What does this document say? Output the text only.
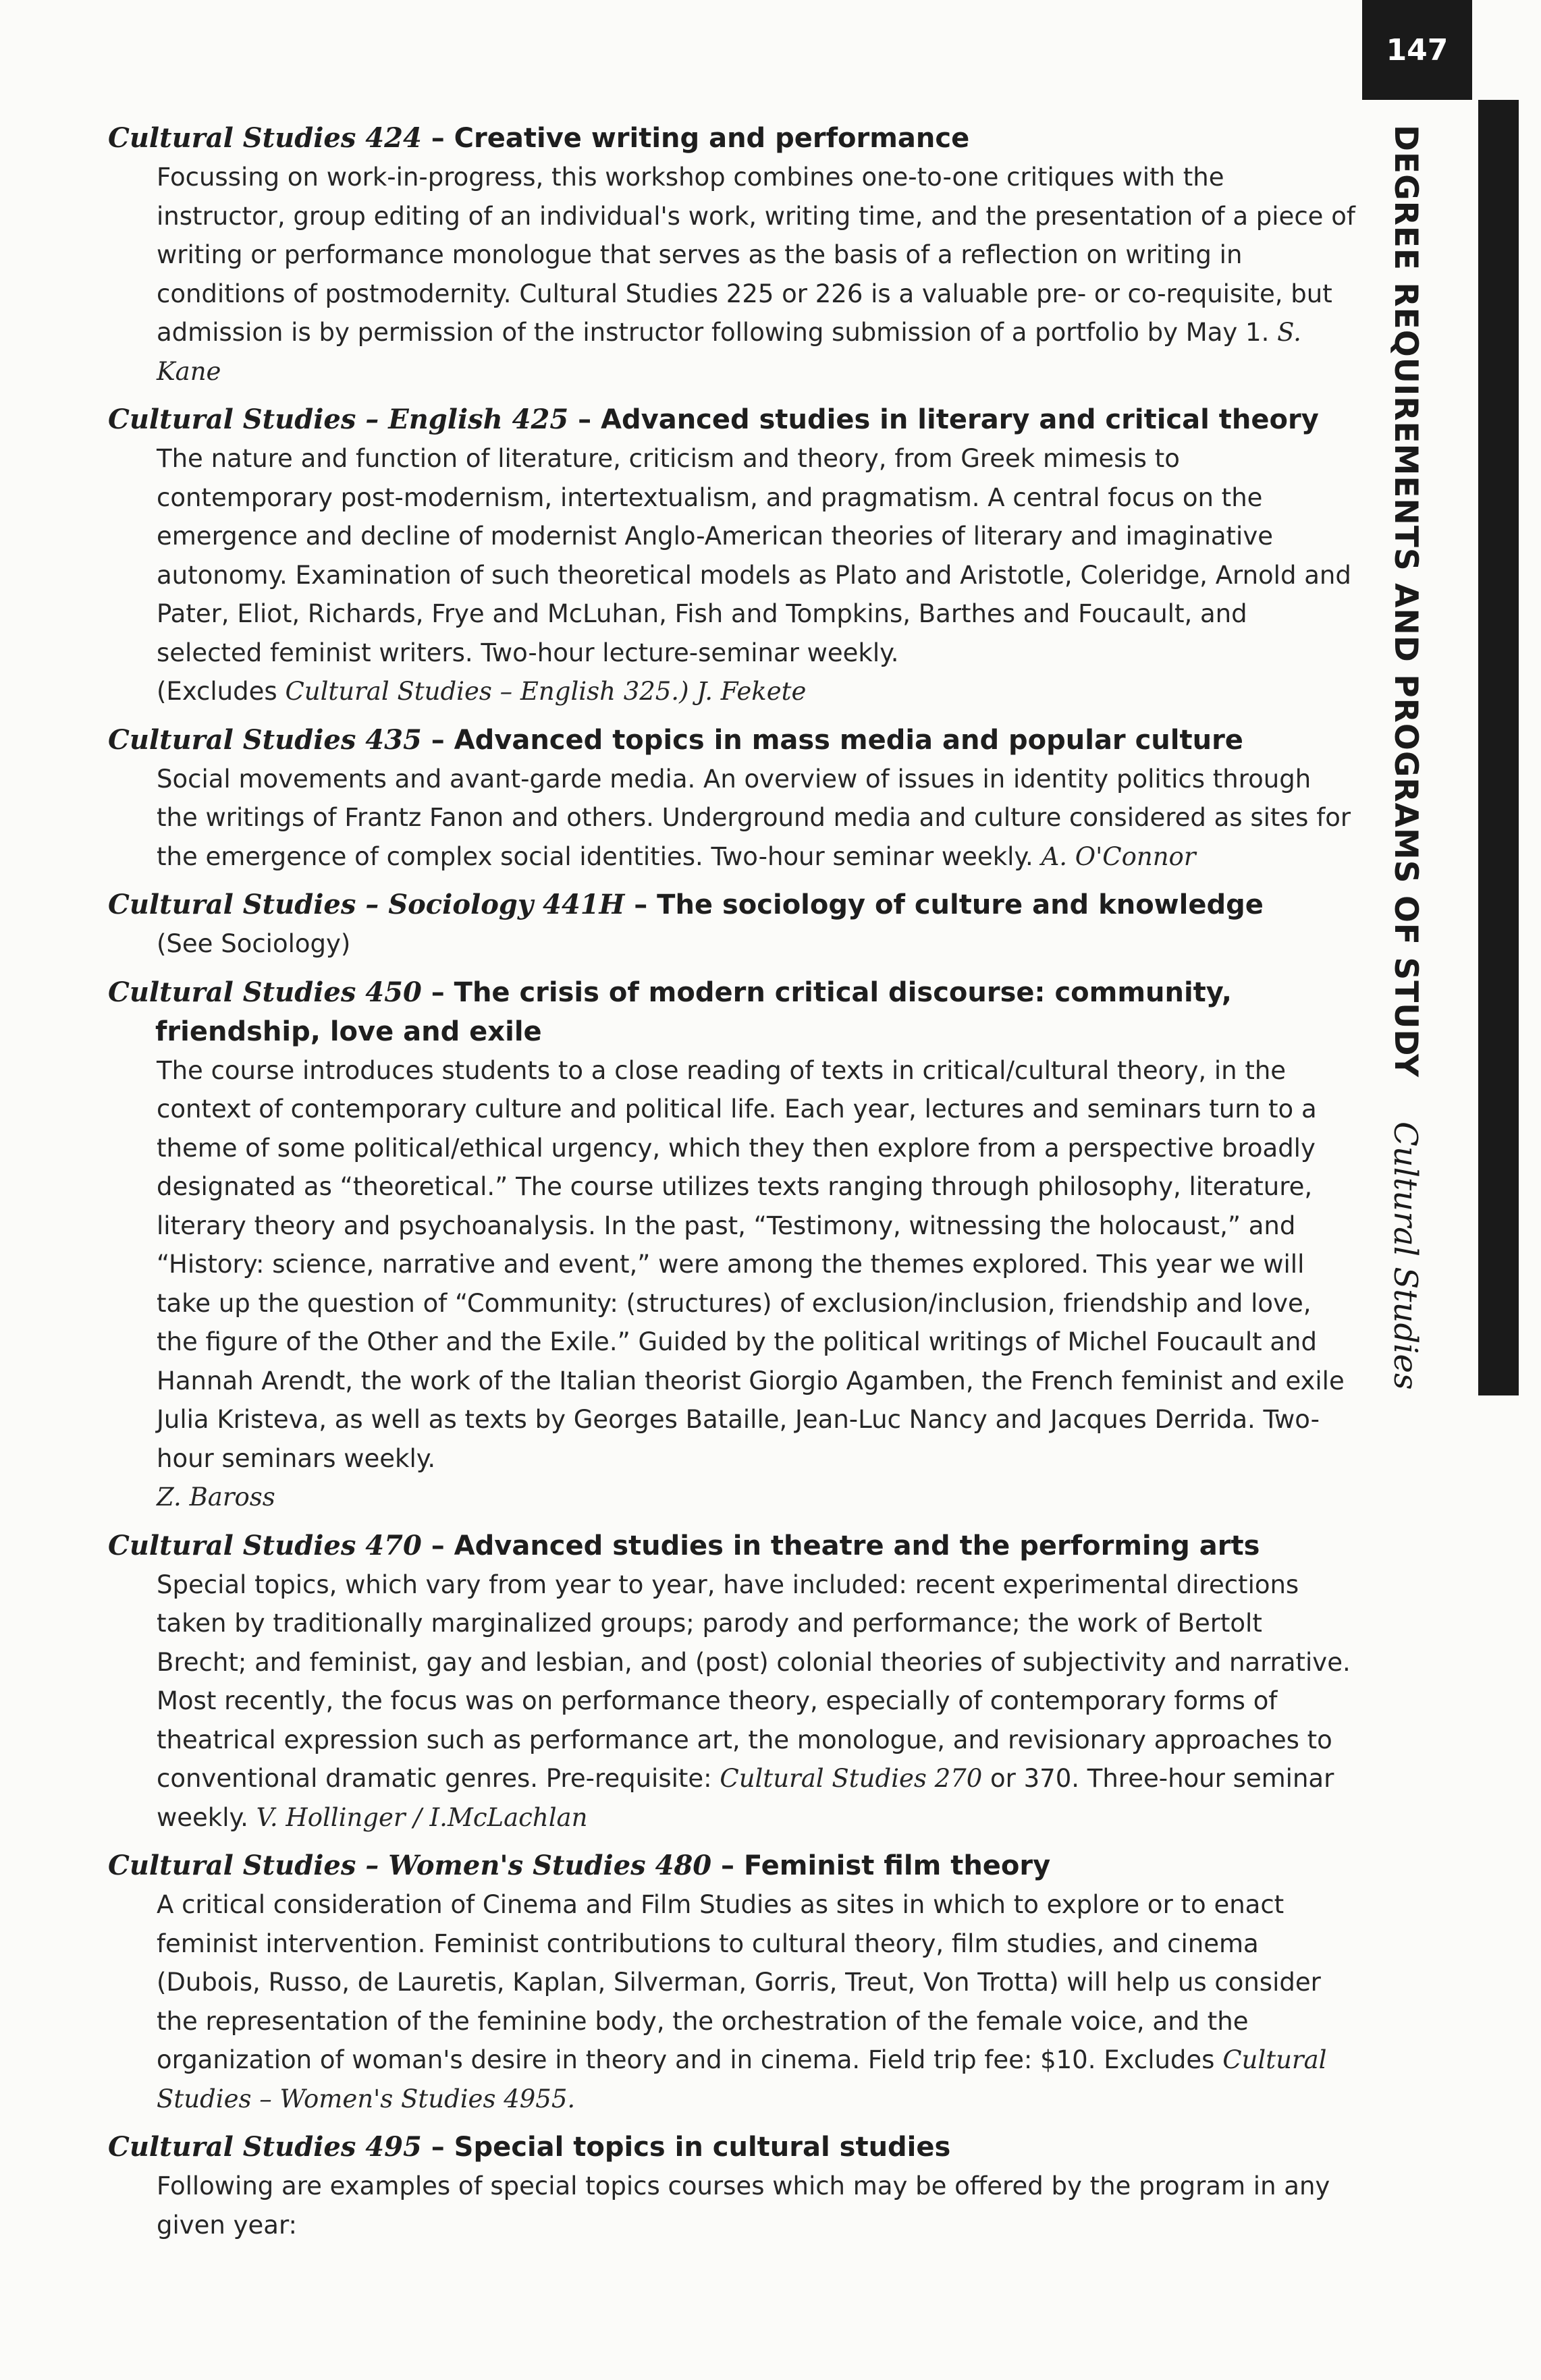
147
DEGREE REQUIREMENTS AND PROGRAMS OF STUDY Cultural Studies
Cultural Studies 424 – Creative writing and performance
Focussing on work-in-progress, this workshop combines one-to-one critiques with the instructor, group editing of an individual's work, writing time, and the presentation of a piece of writing or performance monologue that serves as the basis of a reflection on writing in conditions of postmodernity. Cultural Studies 225 or 226 is a valuable pre- or co-requisite, but admission is by permission of the instructor following submission of a portfolio by May 1. S. Kane
Cultural Studies – English 425 – Advanced studies in literary and critical theory
The nature and function of literature, criticism and theory, from Greek mimesis to contemporary post-modernism, intertextualism, and pragmatism. A central focus on the emergence and decline of modernist Anglo-American theories of literary and imaginative autonomy. Examination of such theoretical models as Plato and Aristotle, Coleridge, Arnold and Pater, Eliot, Richards, Frye and McLuhan, Fish and Tompkins, Barthes and Foucault, and selected feminist writers. Two-hour lecture-seminar weekly.
(Excludes Cultural Studies – English 325.) J. Fekete
Cultural Studies 435 – Advanced topics in mass media and popular culture
Social movements and avant-garde media. An overview of issues in identity politics through the writings of Frantz Fanon and others. Underground media and culture considered as sites for the emergence of complex social identities. Two-hour seminar weekly. A. O'Connor
Cultural Studies – Sociology 441H – The sociology of culture and knowledge
(See Sociology)
Cultural Studies 450 – The crisis of modern critical discourse: community, friendship, love and exile
The course introduces students to a close reading of texts in critical/cultural theory, in the context of contemporary culture and political life. Each year, lectures and seminars turn to a theme of some political/ethical urgency, which they then explore from a perspective broadly designated as “theoretical.” The course utilizes texts ranging through philosophy, literature, literary theory and psychoanalysis. In the past, “Testimony, witnessing the holocaust,” and “History: science, narrative and event,” were among the themes explored. This year we will take up the question of “Community: (structures) of exclusion/inclusion, friendship and love, the figure of the Other and the Exile.” Guided by the political writings of Michel Foucault and Hannah Arendt, the work of the Italian theorist Giorgio Agamben, the French feminist and exile Julia Kristeva, as well as texts by Georges Bataille, Jean-Luc Nancy and Jacques Derrida. Two-hour seminars weekly.
Z. Baross
Cultural Studies 470 – Advanced studies in theatre and the performing arts
Special topics, which vary from year to year, have included: recent experimental directions taken by traditionally marginalized groups; parody and performance; the work of Bertolt Brecht; and feminist, gay and lesbian, and (post) colonial theories of subjectivity and narrative. Most recently, the focus was on performance theory, especially of contemporary forms of theatrical expression such as performance art, the monologue, and revisionary approaches to conventional dramatic genres. Pre-requisite: Cultural Studies 270 or 370. Three-hour seminar weekly. V. Hollinger / I.McLachlan
Cultural Studies – Women's Studies 480 – Feminist film theory
A critical consideration of Cinema and Film Studies as sites in which to explore or to enact feminist intervention. Feminist contributions to cultural theory, film studies, and cinema (Dubois, Russo, de Lauretis, Kaplan, Silverman, Gorris, Treut, Von Trotta) will help us consider the representation of the feminine body, the orchestration of the female voice, and the organization of woman's desire in theory and in cinema. Field trip fee: $10. Excludes Cultural Studies – Women's Studies 4955.
Cultural Studies 495 – Special topics in cultural studies
Following are examples of special topics courses which may be offered by the program in any given year:
